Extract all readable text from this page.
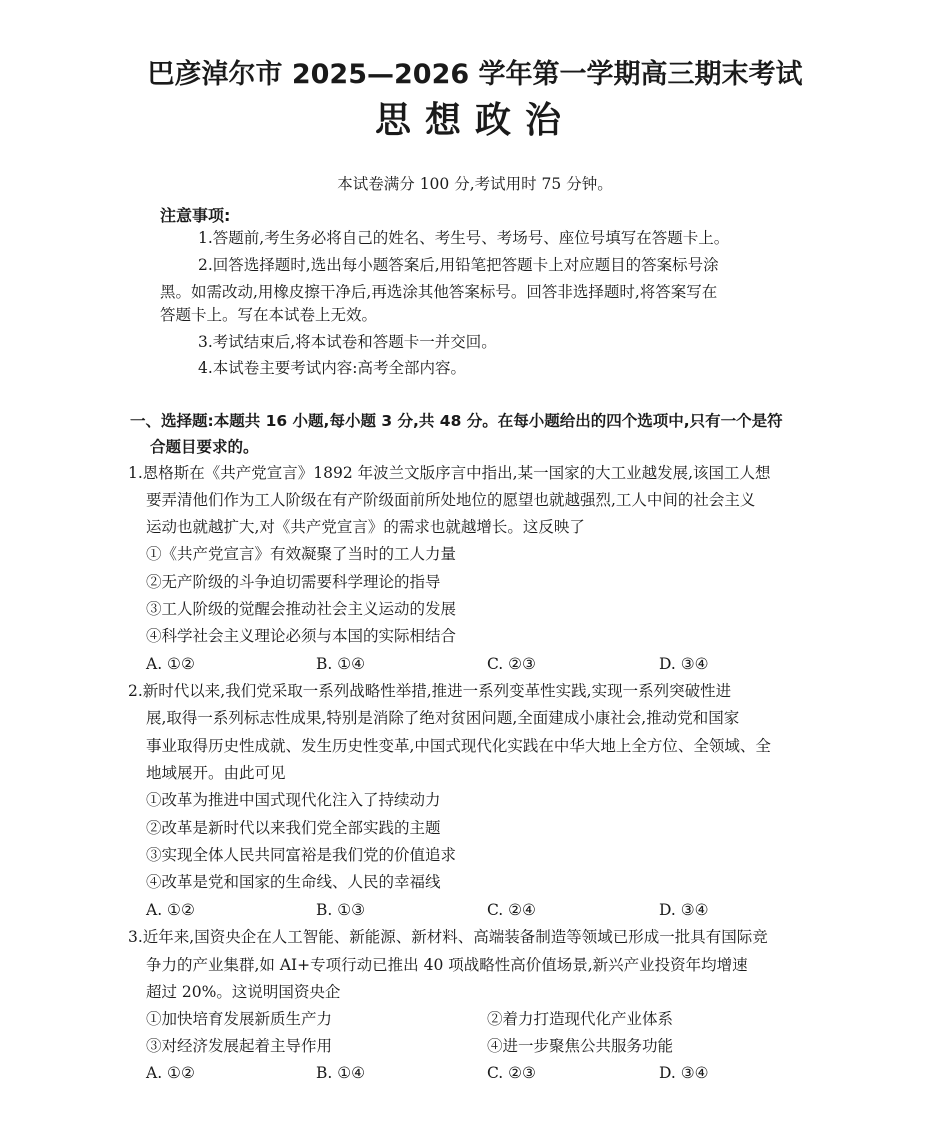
巴彦淖尔市 2025—2026 学年第一学期高三期末考试
思想政治
本试卷满分 100 分,考试用时 75 分钟。
注意事项:
1.答题前,考生务必将自己的姓名、考生号、考场号、座位号填写在答题卡上。
2.回答选择题时,选出每小题答案后,用铅笔把答题卡上对应题目的答案标号涂
黑。如需改动,用橡皮擦干净后,再选涂其他答案标号。回答非选择题时,将答案写在
答题卡上。写在本试卷上无效。
3.考试结束后,将本试卷和答题卡一并交回。
4.本试卷主要考试内容:高考全部内容。
一、选择题:本题共 16 小题,每小题 3 分,共 48 分。在每小题给出的四个选项中,只有一个是符
合题目要求的。
1.恩格斯在《共产党宣言》1892 年波兰文版序言中指出,某一国家的大工业越发展,该国工人想
要弄清他们作为工人阶级在有产阶级面前所处地位的愿望也就越强烈,工人中间的社会主义
运动也就越扩大,对《共产党宣言》的需求也就越增长。这反映了
①《共产党宣言》有效凝聚了当时的工人力量
②无产阶级的斗争迫切需要科学理论的指导
③工人阶级的觉醒会推动社会主义运动的发展
④科学社会主义理论必须与本国的实际相结合
A. ①②	B. ①④	C. ②③	D. ③④
2.新时代以来,我们党采取一系列战略性举措,推进一系列变革性实践,实现一系列突破性进
展,取得一系列标志性成果,特别是消除了绝对贫困问题,全面建成小康社会,推动党和国家
事业取得历史性成就、发生历史性变革,中国式现代化实践在中华大地上全方位、全领域、全
地域展开。由此可见
①改革为推进中国式现代化注入了持续动力
②改革是新时代以来我们党全部实践的主题
③实现全体人民共同富裕是我们党的价值追求
④改革是党和国家的生命线、人民的幸福线
A. ①②	B. ①③	C. ②④	D. ③④
3.近年来,国资央企在人工智能、新能源、新材料、高端装备制造等领域已形成一批具有国际竞
争力的产业集群,如 AI+专项行动已推出 40 项战略性高价值场景,新兴产业投资年均增速
超过 20%。这说明国资央企
①加快培育发展新质生产力	②着力打造现代化产业体系
③对经济发展起着主导作用	④进一步聚焦公共服务功能
A. ①②	B. ①④	C. ②③	D. ③④
